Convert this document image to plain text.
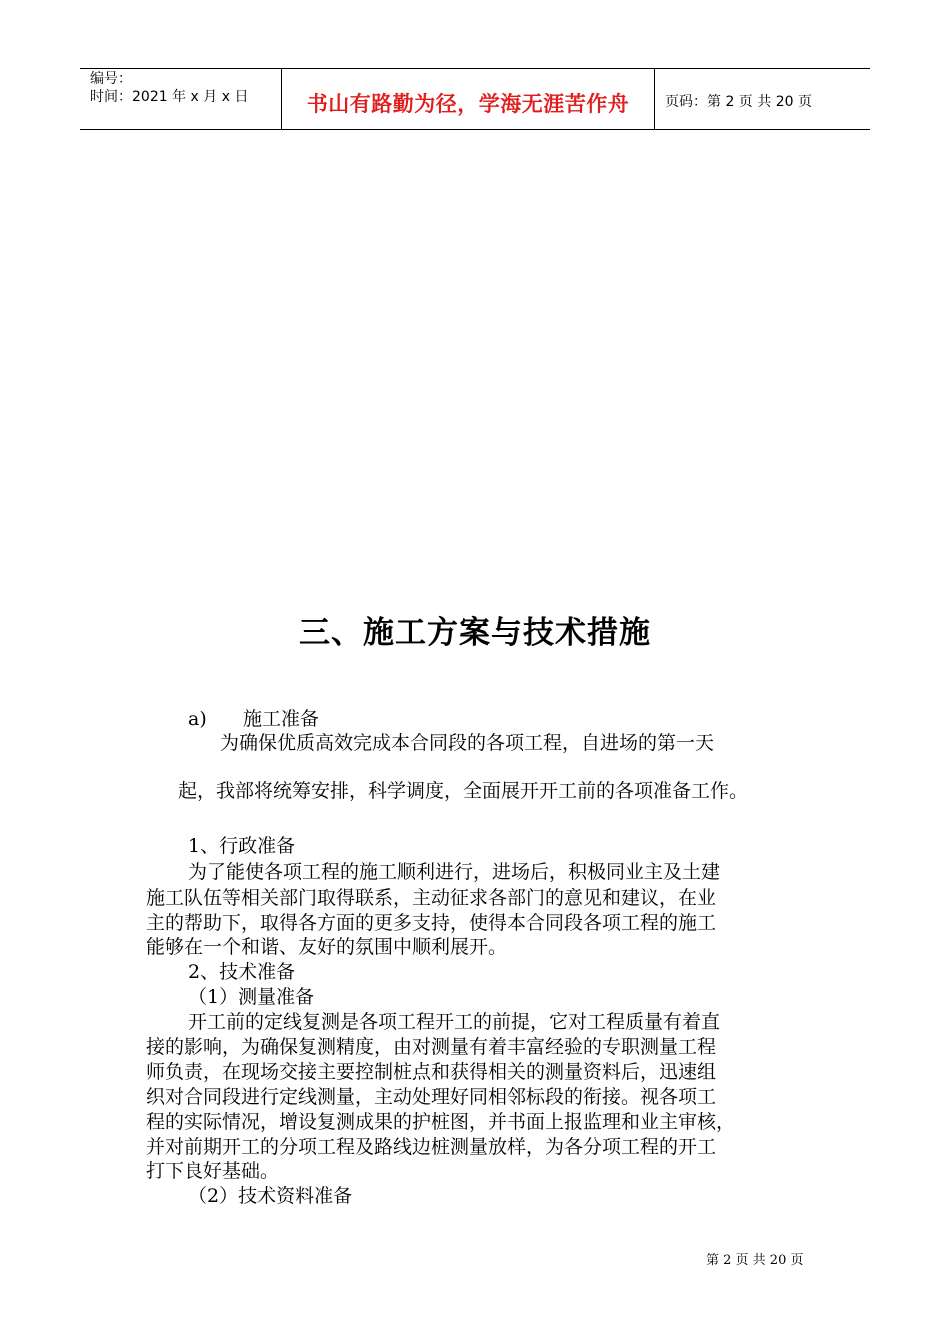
编号：
时间：2021 年 x 月 x 日	书山有路勤为径，学海无涯苦作舟	页码：第 2 页 共 20 页
三、施工方案与技术措施
a)      施工准备
为确保优质高效完成本合同段的各项工程，自进场的第一天
起，我部将统筹安排，科学调度，全面展开开工前的各项准备工作。
1、行政准备
为了能使各项工程的施工顺利进行，进场后，积极同业主及土建
施工队伍等相关部门取得联系，主动征求各部门的意见和建议，在业
主的帮助下，取得各方面的更多支持，使得本合同段各项工程的施工
能够在一个和谐、友好的氛围中顺利展开。
2、技术准备
（1）测量准备
开工前的定线复测是各项工程开工的前提，它对工程质量有着直
接的影响，为确保复测精度，由对测量有着丰富经验的专职测量工程
师负责，在现场交接主要控制桩点和获得相关的测量资料后，迅速组
织对合同段进行定线测量，主动处理好同相邻标段的衔接。视各项工
程的实际情况，增设复测成果的护桩图，并书面上报监理和业主审核，
并对前期开工的分项工程及路线边桩测量放样，为各分项工程的开工
打下良好基础。
（2）技术资料准备
第 2 页 共 20 页
